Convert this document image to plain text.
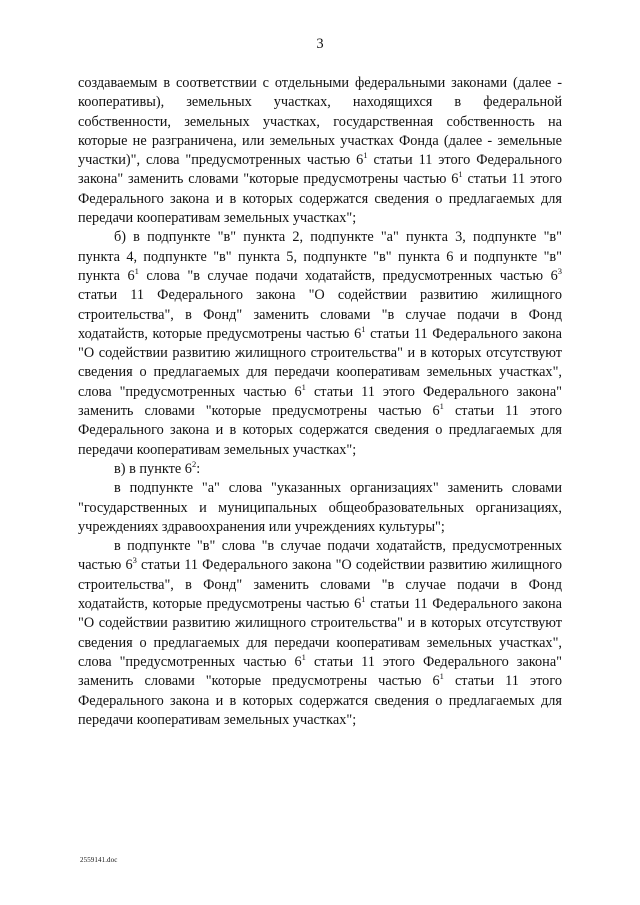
3

создаваемым в соответствии с отдельными федеральными законами (далее - кооперативы), земельных участках, находящихся в федеральной собственности, земельных участках, государственная собственность на которые не разграничена, или земельных участках Фонда (далее - земельные участки)", слова "предусмотренных частью $6^1$ статьи 11 этого Федерального закона" заменить словами "которые предусмотрены частью $6^1$ статьи 11 этого Федерального закона и в которых содержатся сведения о предлагаемых для передачи кооперативам земельных участках";

б) в подпункте "в" пункта 2, подпункте "а" пункта 3, подпункте "в" пункта 4, подпункте "в" пункта 5, подпункте "в" пункта 6 и подпункте "в" пункта $6^1$ слова "в случае подачи ходатайств, предусмотренных частью $6^3$ статьи 11 Федерального закона "О содействии развитию жилищного строительства", в Фонд" заменить словами "в случае подачи в Фонд ходатайств, которые предусмотрены частью $6^1$ статьи 11 Федерального закона "О содействии развитию жилищного строительства" и в которых отсутствуют сведения о предлагаемых для передачи кооперативам земельных участках", слова "предусмотренных частью $6^1$ статьи 11 этого Федерального закона" заменить словами "которые предусмотрены частью $6^1$ статьи 11 этого Федерального закона и в которых содержатся сведения о предлагаемых для передачи кооперативам земельных участках";

в) в пункте $6^2$:

в подпункте "а" слова "указанных организациях" заменить словами "государственных и муниципальных общеобразовательных организациях, учреждениях здравоохранения или учреждениях культуры";

в подпункте "в" слова "в случае подачи ходатайств, предусмотренных частью $6^3$ статьи 11 Федерального закона "О содействии развитию жилищного строительства", в Фонд" заменить словами "в случае подачи в Фонд ходатайств, которые предусмотрены частью $6^1$ статьи 11 Федерального закона "О содействии развитию жилищного строительства" и в которых отсутствуют сведения о предлагаемых для передачи кооперативам земельных участках", слова "предусмотренных частью $6^1$ статьи 11 этого Федерального закона" заменить словами "которые предусмотрены частью $6^1$ статьи 11 этого Федерального закона и в которых содержатся сведения о предлагаемых для передачи кооперативам земельных участках";

2559141.doc
